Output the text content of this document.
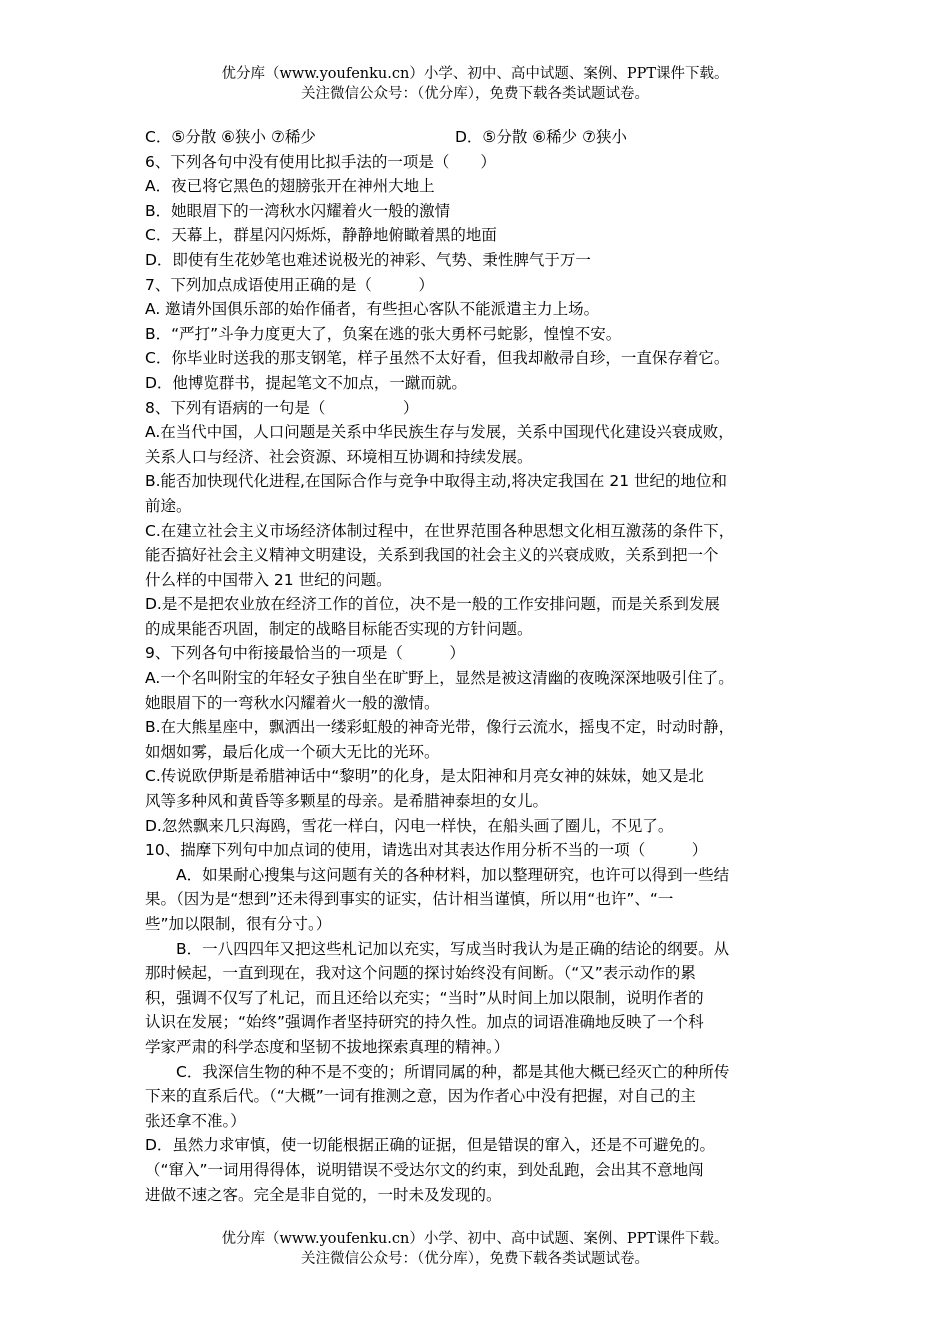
优分库（www.youfenku.cn）小学、初中、高中试题、案例、PPT课件下载。
关注微信公众号：（优分库），免费下载各类试题试卷。
C．⑤分散 ⑥狭小 ⑦稀少	D．⑤分散 ⑥稀少 ⑦狭小
6、下列各句中没有使用比拟手法的一项是（　　）
A．夜已将它黑色的翅膀张开在神州大地上
B．她眼眉下的一湾秋水闪耀着火一般的激情
C．天幕上，群星闪闪烁烁，静静地俯瞰着黑的地面
D．即使有生花妙笔也难述说极光的神彩、气势、秉性脾气于万一
7、下列加点成语使用正确的是（　　　）
A. 邀请外国俱乐部的始作俑者，有些担心客队不能派遣主力上场。
B．“严打”斗争力度更大了，负案在逃的张大勇杯弓蛇影，惶惶不安。
C．你毕业时送我的那支钢笔，样子虽然不太好看，但我却敝帚自珍，一直保存着它。
D．他博览群书，提起笔文不加点，一蹴而就。
8、下列有语病的一句是（　　　　　）
A.在当代中国，人口问题是关系中华民族生存与发展，关系中国现代化建设兴衰成败，
关系人口与经济、社会资源、环境相互协调和持续发展。
B.能否加快现代化进程,在国际合作与竞争中取得主动,将决定我国在 21 世纪的地位和
前途。
C.在建立社会主义市场经济体制过程中，在世界范围各种思想文化相互激荡的条件下，
能否搞好社会主义精神文明建设，关系到我国的社会主义的兴衰成败，关系到把一个
什么样的中国带入 21 世纪的问题。
D.是不是把农业放在经济工作的首位，决不是一般的工作安排问题，而是关系到发展
的成果能否巩固，制定的战略目标能否实现的方针问题。
9、下列各句中衔接最恰当的一项是（　　　）
A.一个名叫附宝的年轻女子独自坐在旷野上，显然是被这清幽的夜晚深深地吸引住了。
她眼眉下的一弯秋水闪耀着火一般的激情。
B.在大熊星座中，飘洒出一缕彩虹般的神奇光带，像行云流水，摇曳不定，时动时静，
如烟如雾，最后化成一个硕大无比的光环。
C.传说欧伊斯是希腊神话中“黎明”的化身，是太阳神和月亮女神的妹妹，她又是北
风等多种风和黄昏等多颗星的母亲。是希腊神泰坦的女儿。
D.忽然飘来几只海鸥，雪花一样白，闪电一样快，在船头画了圈儿，不见了。
10、揣摩下列句中加点词的使用，请选出对其表达作用分析不当的一项（　　　）
A．如果耐心搜集与这问题有关的各种材料，加以整理研究，也许可以得到一些结
果。（因为是“想到”还未得到事实的证实，估计相当谨慎，所以用“也许”、“一
些”加以限制，很有分寸。）
B．一八四四年又把这些札记加以充实，写成当时我认为是正确的结论的纲要。从
那时候起，一直到现在，我对这个问题的探讨始终没有间断。（“又”表示动作的累
积，强调不仅写了札记，而且还给以充实；“当时”从时间上加以限制，说明作者的
认识在发展；“始终”强调作者坚持研究的持久性。加点的词语准确地反映了一个科
学家严肃的科学态度和坚韧不拔地探索真理的精神。）
C．我深信生物的种不是不变的；所谓同属的种，都是其他大概已经灭亡的种所传
下来的直系后代。（“大概”一词有推测之意，因为作者心中没有把握，对自己的主
张还拿不准。）
D．虽然力求审慎，使一切能根据正确的证据，但是错误的窜入，还是不可避免的。
（“窜入”一词用得得体，说明错误不受达尔文的约束，到处乱跑，会出其不意地闯
进做不速之客。完全是非自觉的，一时未及发现的。
优分库（www.youfenku.cn）小学、初中、高中试题、案例、PPT课件下载。
关注微信公众号：（优分库），免费下载各类试题试卷。
